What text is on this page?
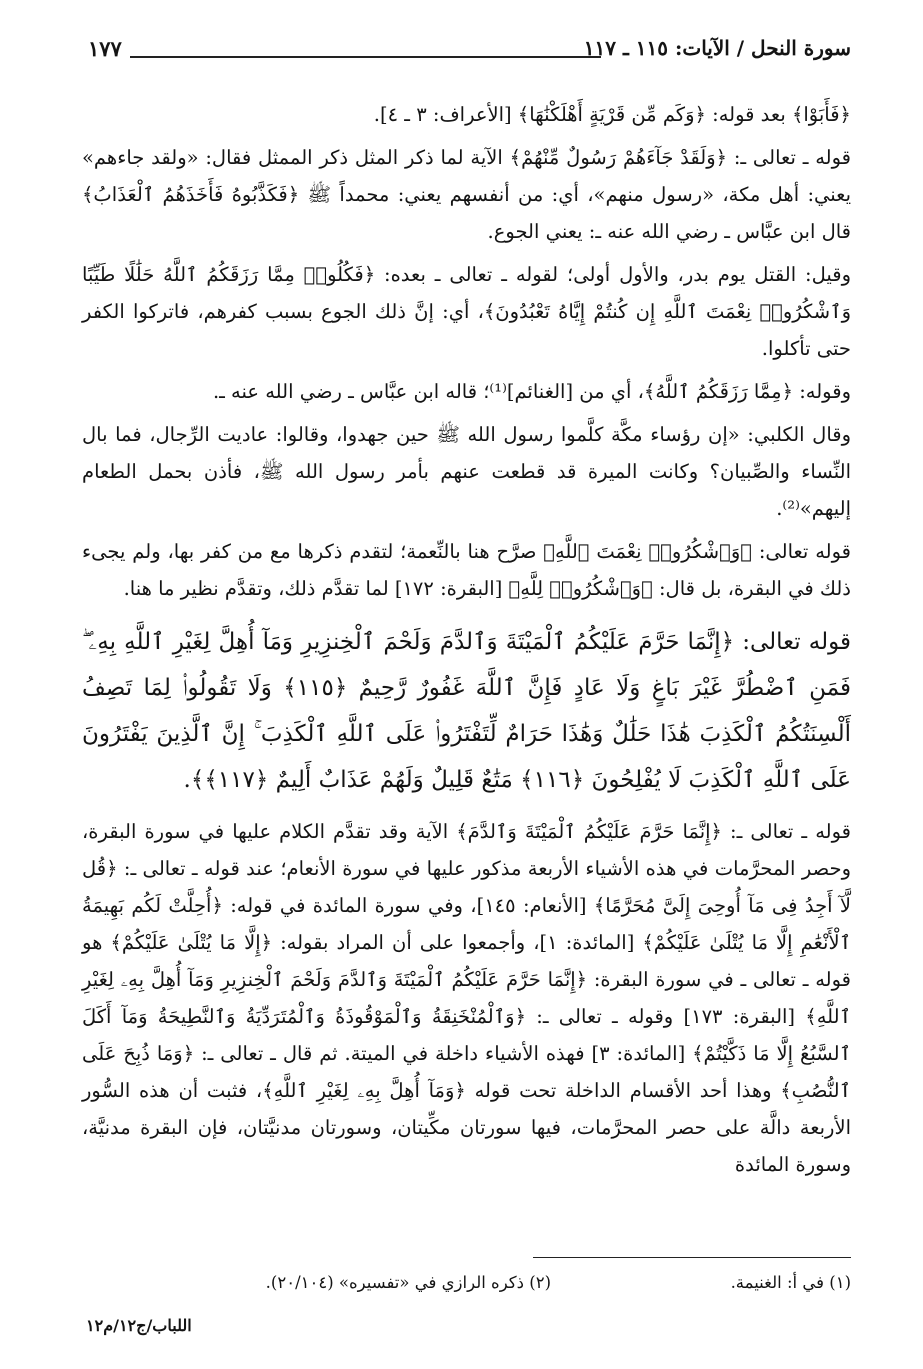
سورة النحل / الآيات: ١١٥ ـ ١١٧
١٧٧

﴿فَأَبَوْا﴾ بعد قوله: ﴿وَكَم مِّن قَرْيَةٍ أَهْلَكْنَٰهَا﴾ [الأعراف: ٣ ـ ٤].

قوله ـ تعالى ـ: ﴿وَلَقَدْ جَآءَهُمْ رَسُولٌ مِّنْهُمْ﴾ الآية لما ذكر المثل ذكر الممثل فقال: «ولقد جاءهم» يعني: أهل مكة، «رسول منهم»، أي: من أنفسهم يعني: محمداً ﷺ ﴿فَكَذَّبُوهُ فَأَخَذَهُمُ ٱلْعَذَابُ﴾ قال ابن عبَّاس ـ رضي الله عنه ـ: يعني الجوع.

وقيل: القتل يوم بدر، والأول أولى؛ لقوله ـ تعالى ـ بعده: ﴿فَكُلُوا۟ مِمَّا رَزَقَكُمُ ٱللَّهُ حَلَٰلًا طَيِّبًا وَٱشْكُرُوا۟ نِعْمَتَ ٱللَّهِ إِن كُنتُمْ إِيَّاهُ تَعْبُدُونَ﴾، أي: إنَّ ذلك الجوع بسبب كفرهم، فاتركوا الكفر حتى تأكلوا.

وقوله: ﴿مِمَّا رَزَقَكُمُ ٱللَّهُ﴾، أي من [الغنائم]⁽¹⁾؛ قاله ابن عبَّاس ـ رضي الله عنه ـ.

وقال الكلبي: «إن رؤساء مكَّة كلَّموا رسول الله ﷺ حين جهدوا، وقالوا: عاديت الرِّجال، فما بال النِّساء والصِّبيان؟ وكانت الميرة قد قطعت عنهم بأمر رسول الله ﷺ، فأذن بحمل الطعام إليهم»⁽²⁾.

قوله تعالى: ﴿وَٱشْكُرُوا۟ نِعْمَتَ ٱللَّهِ﴾ صرَّح هنا بالنِّعمة؛ لتقدم ذكرها مع من كفر بها، ولم يجىء ذلك في البقرة، بل قال: ﴿وَٱشْكُرُوا۟ لِلَّهِ﴾ [البقرة: ١٧٢] لما تقدَّم ذلك، وتقدَّم نظير ما هنا.

قوله تعالى: ﴿إِنَّمَا حَرَّمَ عَلَيْكُمُ ٱلْمَيْتَةَ وَٱلدَّمَ وَلَحْمَ ٱلْخِنزِيرِ وَمَآ أُهِلَّ لِغَيْرِ ٱللَّهِ بِهِۦ ۖ فَمَنِ ٱضْطُرَّ غَيْرَ بَاغٍ وَلَا عَادٍ فَإِنَّ ٱللَّهَ غَفُورٌ رَّحِيمٌ ﴿١١٥﴾ وَلَا تَقُولُوا۟ لِمَا تَصِفُ أَلْسِنَتُكُمُ ٱلْكَذِبَ هَٰذَا حَلَٰلٌ وَهَٰذَا حَرَامٌ لِّتَفْتَرُوا۟ عَلَى ٱللَّهِ ٱلْكَذِبَ ۚ إِنَّ ٱلَّذِينَ يَفْتَرُونَ عَلَى ٱللَّهِ ٱلْكَذِبَ لَا يُفْلِحُونَ ﴿١١٦﴾ مَتَٰعٌ قَلِيلٌ وَلَهُمْ عَذَابٌ أَلِيمٌ ﴿١١٧﴾﴾.

قوله ـ تعالى ـ: ﴿إِنَّمَا حَرَّمَ عَلَيْكُمُ ٱلْمَيْتَةَ وَٱلدَّمَ﴾ الآية وقد تقدَّم الكلام عليها في سورة البقرة، وحصر المحرَّمات في هذه الأشياء الأربعة مذكور عليها في سورة الأنعام؛ عند قوله ـ تعالى ـ: ﴿قُل لَّآ أَجِدُ فِى مَآ أُوحِىَ إِلَىَّ مُحَرَّمًا﴾ [الأنعام: ١٤٥]، وفي سورة المائدة في قوله: ﴿أُحِلَّتْ لَكُم بَهِيمَةُ ٱلْأَنْعَٰمِ إِلَّا مَا يُتْلَىٰ عَلَيْكُمْ﴾ [المائدة: ١]، وأجمعوا على أن المراد بقوله: ﴿إِلَّا مَا يُتْلَىٰ عَلَيْكُمْ﴾ هو قوله ـ تعالى ـ في سورة البقرة: ﴿إِنَّمَا حَرَّمَ عَلَيْكُمُ ٱلْمَيْتَةَ وَٱلدَّمَ وَلَحْمَ ٱلْخِنزِيرِ وَمَآ أُهِلَّ بِهِۦ لِغَيْرِ ٱللَّهِ﴾ [البقرة: ١٧٣] وقوله ـ تعالى ـ: ﴿وَٱلْمُنْخَنِقَةُ وَٱلْمَوْقُوذَةُ وَٱلْمُتَرَدِّيَةُ وَٱلنَّطِيحَةُ وَمَآ أَكَلَ ٱلسَّبُعُ إِلَّا مَا ذَكَّيْتُمْ﴾ [المائدة: ٣] فهذه الأشياء داخلة في الميتة. ثم قال ـ تعالى ـ: ﴿وَمَا ذُبِحَ عَلَى ٱلنُّصُبِ﴾ وهذا أحد الأقسام الداخلة تحت قوله ﴿وَمَآ أُهِلَّ بِهِۦ لِغَيْرِ ٱللَّهِ﴾، فثبت أن هذه السُّور الأربعة دالَّة على حصر المحرَّمات، فيها سورتان مكِّيتان، وسورتان مدنيَّتان، فإن البقرة مدنيَّة، وسورة المائدة

(١) في أ: الغنيمة.
(٢) ذكره الرازي في «تفسيره» (٢٠/١٠٤).
اللباب/ج١٢/م١٢
